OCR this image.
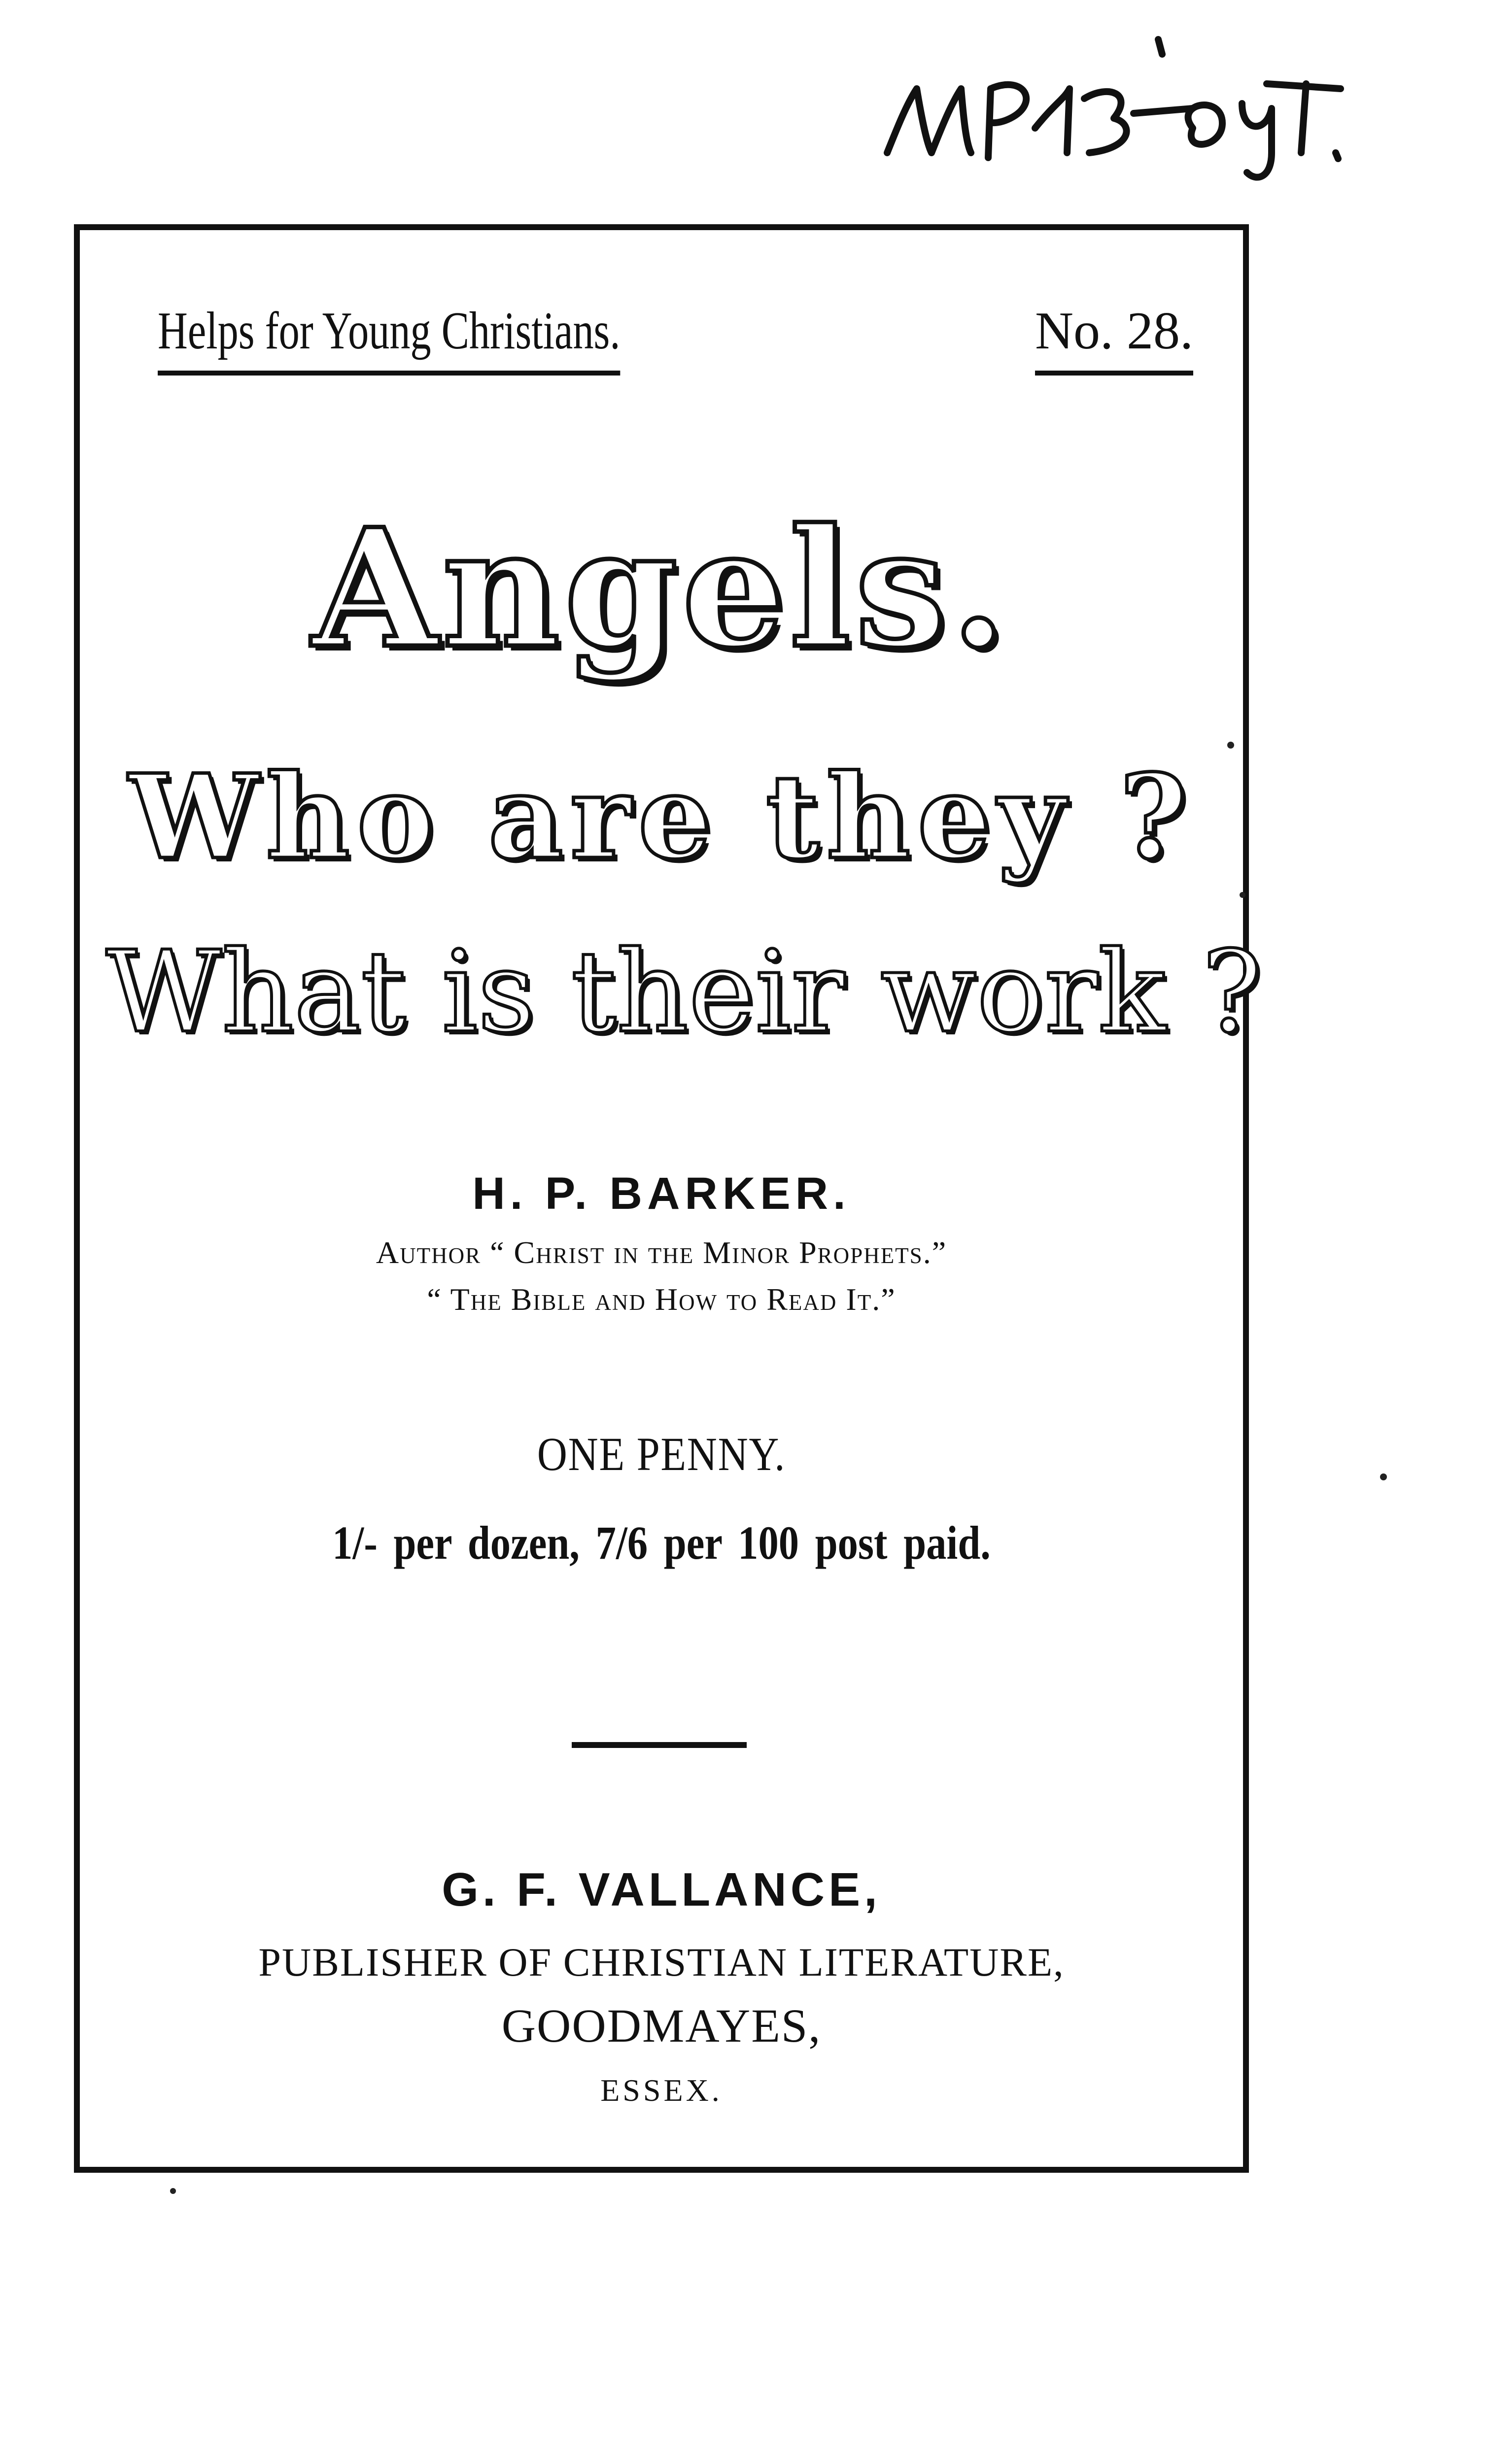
Helps for Young Christians.	No. 28.
Angels.
Who are they ?
What is their work ?
H. P. BARKER.
Author “ Christ in the Minor Prophets.”
“ The Bible and How to Read It.”
ONE PENNY.
1/- per dozen, 7/6 per 100 post paid.
G. F. VALLANCE,
PUBLISHER OF CHRISTIAN LITERATURE,
GOODMAYES,
ESSEX.
